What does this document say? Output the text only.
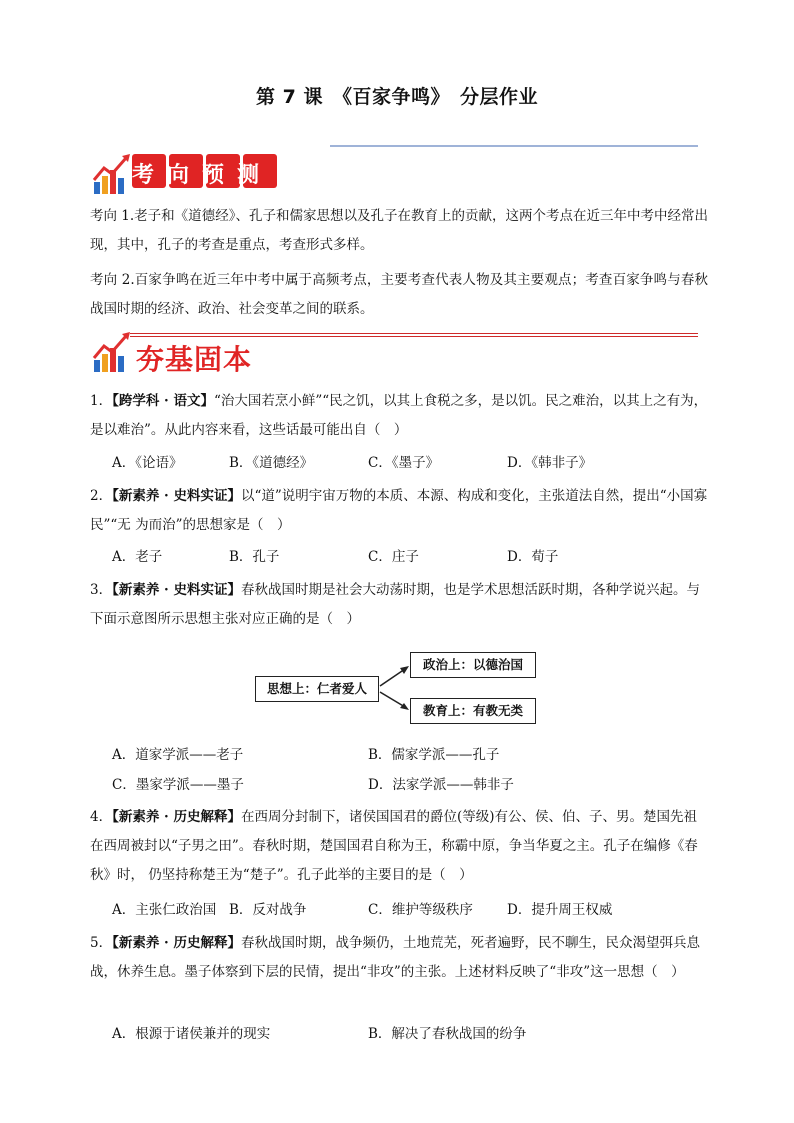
第 7 课　《百家争鸣》　分层作业
考向预测
考向 1.老子和《道德经》、孔子和儒家思想以及孔子在教育上的贡献，这两个考点在近三年中考中经常出现，其中，孔子的考查是重点，考查形式多样。
考向 2.百家争鸣在近三年中考中属于高频考点，主要考查代表人物及其主要观点；考查百家争鸣与春秋战国时期的经济、政治、社会变革之间的联系。
夯基固本
1．【跨学科 · 语文】“治大国若烹小鲜”“民之饥，以其上食税之多，是以饥。民之难治，以其上之有为，是以难治”。从此内容来看，这些话最可能出自（　）
A．《论语》	B．《道德经》	C．《墨子》	D．《韩非子》
2．【新素养 · 史料实证】以“道”说明宇宙万物的本质、本源、构成和变化，主张道法自然，提出“小国寡民”“无 为而治”的思想家是（　）
A．老子	B．孔子	C．庄子	D．荀子
3．【新素养 · 史料实证】春秋战国时期是社会大动荡时期，也是学术思想活跃时期，各种学说兴起。与下面示意图所示思想主张对应正确的是（　）
思想上：仁者爱人
政治上：以德治国
教育上：有教无类
A．道家学派——老子	B．儒家学派——孔子
C．墨家学派——墨子	D．法家学派——韩非子
4．【新素养 · 历史解释】在西周分封制下，诸侯国国君的爵位(等级)有公、侯、伯、子、男。楚国先祖在西周被封以“子男之田”。春秋时期，楚国国君自称为王，称霸中原，争当华夏之主。孔子在编修《春秋》时， 仍坚持称楚王为“楚子”。孔子此举的主要目的是（　）
A．主张仁政治国 B．反对战争	C．维护等级秩序	D．提升周王权威
5．【新素养 · 历史解释】春秋战国时期，战争频仍，土地荒芜，死者遍野，民不聊生，民众渴望弭兵息战，休养生息。墨子体察到下层的民情，提出“非攻”的主张。上述材料反映了“非攻”这一思想（　）
A．根源于诸侯兼并的现实	B．解决了春秋战国的纷争
